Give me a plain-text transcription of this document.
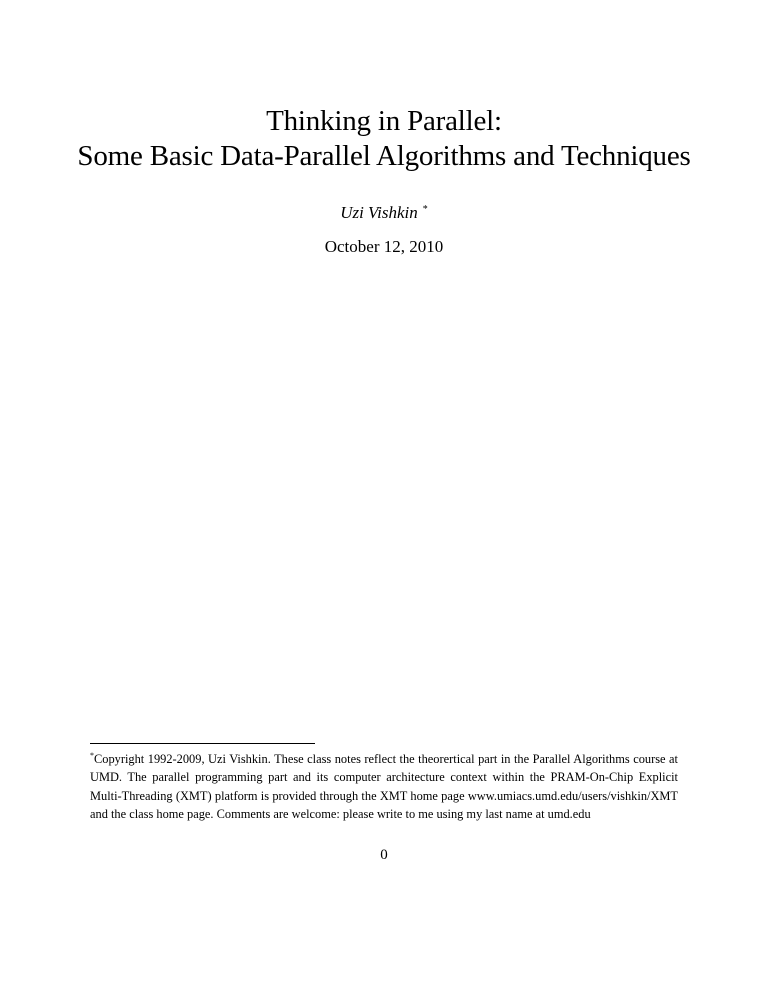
Thinking in Parallel:
Some Basic Data-Parallel Algorithms and Techniques
Uzi Vishkin *
October 12, 2010
*Copyright 1992-2009, Uzi Vishkin. These class notes reflect the theorertical part in the Parallel Algorithms course at UMD. The parallel programming part and its computer architecture context within the PRAM-On-Chip Explicit Multi-Threading (XMT) platform is provided through the XMT home page www.umiacs.umd.edu/users/vishkin/XMT and the class home page. Comments are welcome: please write to me using my last name at umd.edu
0
